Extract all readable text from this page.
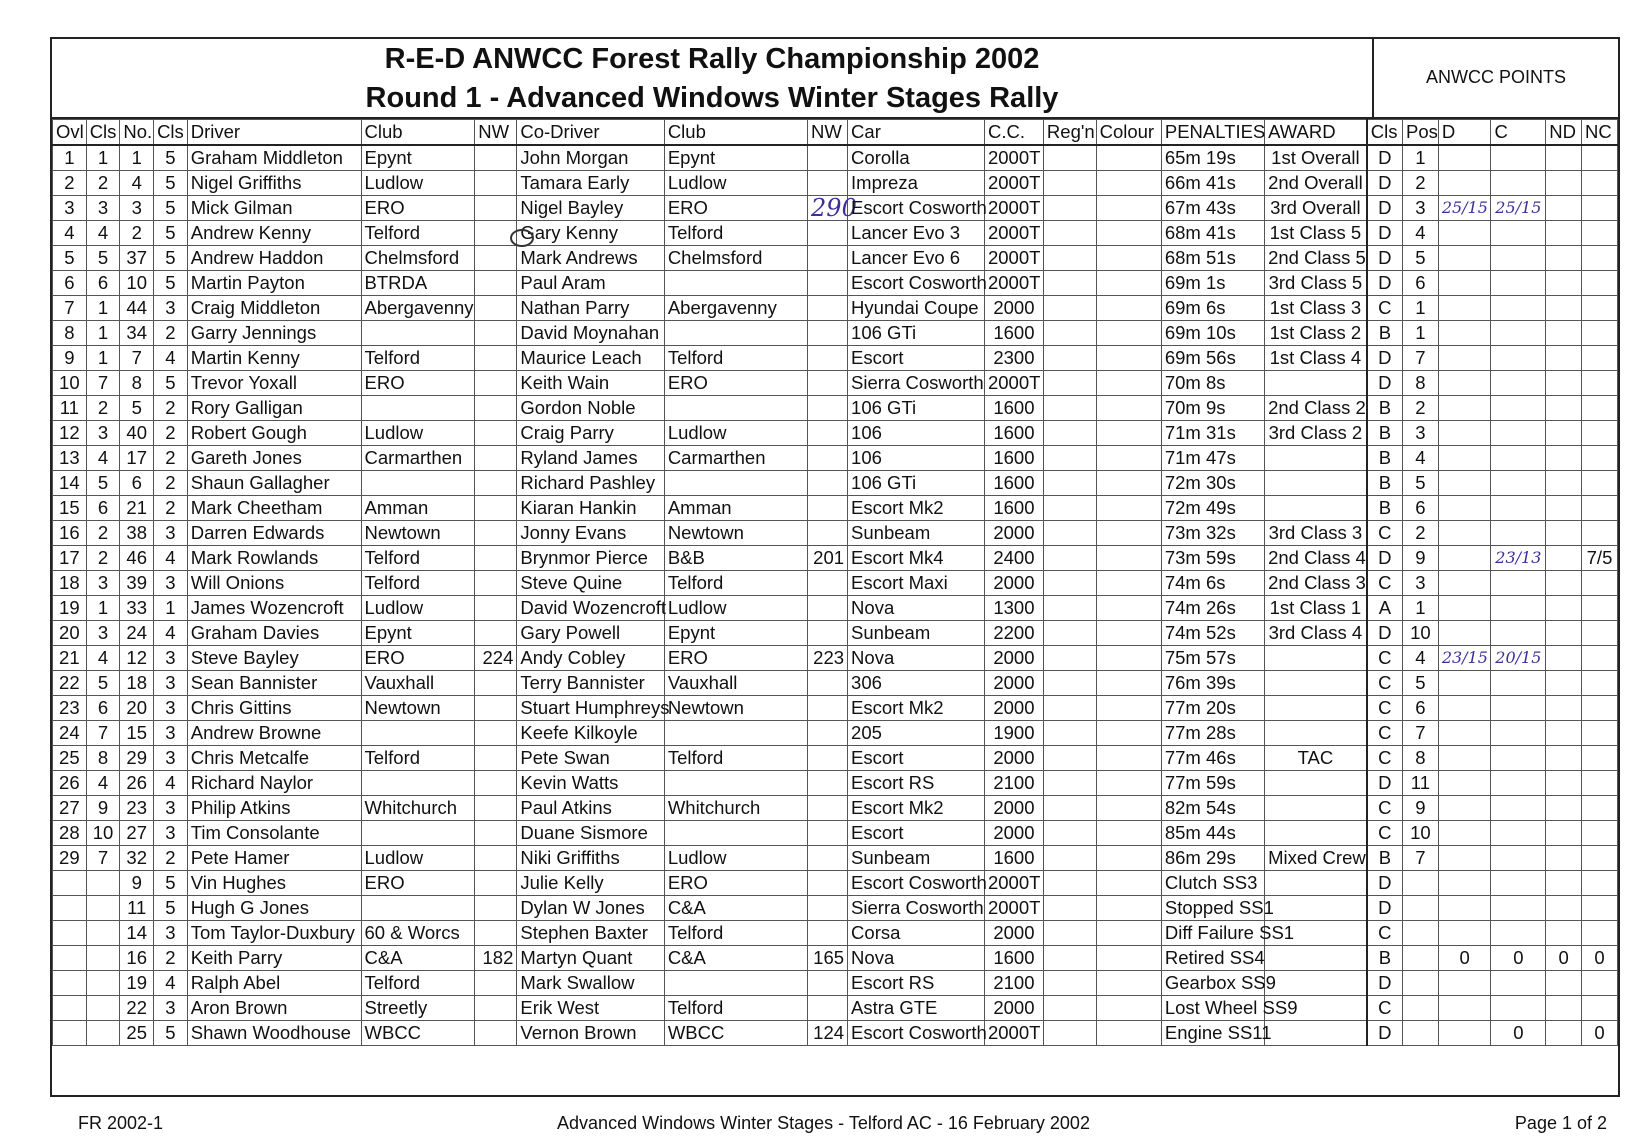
R-E-D ANWCC Forest Rally Championship 2002
Round 1 - Advanced Windows Winter Stages Rally
ANWCC POINTS
Ovl	Cls	No.	Cls	Driver	Club	NW	Co-Driver	Club	NW	Car	C.C.	Reg'n	Colour	PENALTIES	AWARD	Cls	Pos	D	C	ND	NC
1	1	1	5	Graham Middleton	Epynt		John Morgan	Epynt		Corolla	2000T			65m 19s	1st Overall	D	1				
2	2	4	5	Nigel Griffiths	Ludlow		Tamara Early	Ludlow		Impreza	2000T			66m 41s	2nd Overall	D	2				
3	3	3	5	Mick Gilman	ERO		Nigel Bayley	ERO	290	Escort Cosworth	2000T			67m 43s	3rd Overall	D	3	25/15	25/15		
4	4	2	5	Andrew Kenny	Telford		Gary Kenny	Telford		Lancer Evo 3	2000T			68m 41s	1st Class 5	D	4				
5	5	37	5	Andrew Haddon	Chelmsford		Mark Andrews	Chelmsford		Lancer Evo 6	2000T			68m 51s	2nd Class 5	D	5				
6	6	10	5	Martin Payton	BTRDA		Paul Aram			Escort Cosworth	2000T			69m 1s	3rd Class 5	D	6				
7	1	44	3	Craig Middleton	Abergavenny		Nathan Parry	Abergavenny		Hyundai Coupe	2000			69m 6s	1st Class 3	C	1				
8	1	34	2	Garry Jennings			David Moynahan			106 GTi	1600			69m 10s	1st Class 2	B	1				
9	1	7	4	Martin Kenny	Telford		Maurice Leach	Telford		Escort	2300			69m 56s	1st Class 4	D	7				
10	7	8	5	Trevor Yoxall	ERO		Keith Wain	ERO		Sierra Cosworth	2000T			70m 8s		D	8				
11	2	5	2	Rory Galligan			Gordon Noble			106 GTi	1600			70m 9s	2nd Class 2	B	2				
12	3	40	2	Robert Gough	Ludlow		Craig Parry	Ludlow		106	1600			71m 31s	3rd Class 2	B	3				
13	4	17	2	Gareth Jones	Carmarthen		Ryland James	Carmarthen		106	1600			71m 47s		B	4				
14	5	6	2	Shaun Gallagher			Richard Pashley			106 GTi	1600			72m 30s		B	5				
15	6	21	2	Mark Cheetham	Amman		Kiaran Hankin	Amman		Escort Mk2	1600			72m 49s		B	6				
16	2	38	3	Darren Edwards	Newtown		Jonny Evans	Newtown		Sunbeam	2000			73m 32s	3rd Class 3	C	2				
17	2	46	4	Mark Rowlands	Telford		Brynmor Pierce	B&B	201	Escort Mk4	2400			73m 59s	2nd Class 4	D	9		23/13		7/5
18	3	39	3	Will Onions	Telford		Steve Quine	Telford		Escort Maxi	2000			74m 6s	2nd Class 3	C	3				
19	1	33	1	James Wozencroft	Ludlow		David Wozencroft	Ludlow		Nova	1300			74m 26s	1st Class 1	A	1				
20	3	24	4	Graham Davies	Epynt		Gary Powell	Epynt		Sunbeam	2200			74m 52s	3rd Class 4	D	10				
21	4	12	3	Steve Bayley	ERO	224	Andy Cobley	ERO	223	Nova	2000			75m 57s		C	4	23/15	20/15		
22	5	18	3	Sean Bannister	Vauxhall		Terry Bannister	Vauxhall		306	2000			76m 39s		C	5				
23	6	20	3	Chris Gittins	Newtown		Stuart Humphreys	Newtown		Escort Mk2	2000			77m 20s		C	6				
24	7	15	3	Andrew Browne			Keefe Kilkoyle			205	1900			77m 28s		C	7				
25	8	29	3	Chris Metcalfe	Telford		Pete Swan	Telford		Escort	2000			77m 46s	TAC	C	8				
26	4	26	4	Richard Naylor			Kevin Watts			Escort RS	2100			77m 59s		D	11				
27	9	23	3	Philip Atkins	Whitchurch		Paul Atkins	Whitchurch		Escort Mk2	2000			82m 54s		C	9				
28	10	27	3	Tim Consolante			Duane Sismore			Escort	2000			85m 44s		C	10				
29	7	32	2	Pete Hamer	Ludlow		Niki Griffiths	Ludlow		Sunbeam	1600			86m 29s	Mixed Crew	B	7				
		9	5	Vin Hughes	ERO		Julie Kelly	ERO		Escort Cosworth	2000T			Clutch SS3		D					
		11	5	Hugh G Jones			Dylan W Jones	C&A		Sierra Cosworth	2000T			Stopped SS1		D					
		14	3	Tom Taylor-Duxbury	60 & Worcs		Stephen Baxter	Telford		Corsa	2000			Diff Failure SS1		C					
		16	2	Keith Parry	C&A	182	Martyn Quant	C&A	165	Nova	1600			Retired SS4		B		0	0	0	0
		19	4	Ralph Abel	Telford		Mark Swallow			Escort RS	2100			Gearbox SS9		D					
		22	3	Aron Brown	Streetly		Erik West	Telford		Astra GTE	2000			Lost Wheel SS9		C					
		25	5	Shawn Woodhouse	WBCC		Vernon Brown	WBCC	124	Escort Cosworth	2000T			Engine SS11		D			0		0
FR 2002-1	Advanced Windows Winter Stages - Telford AC - 16 February 2002	Page 1 of 2
